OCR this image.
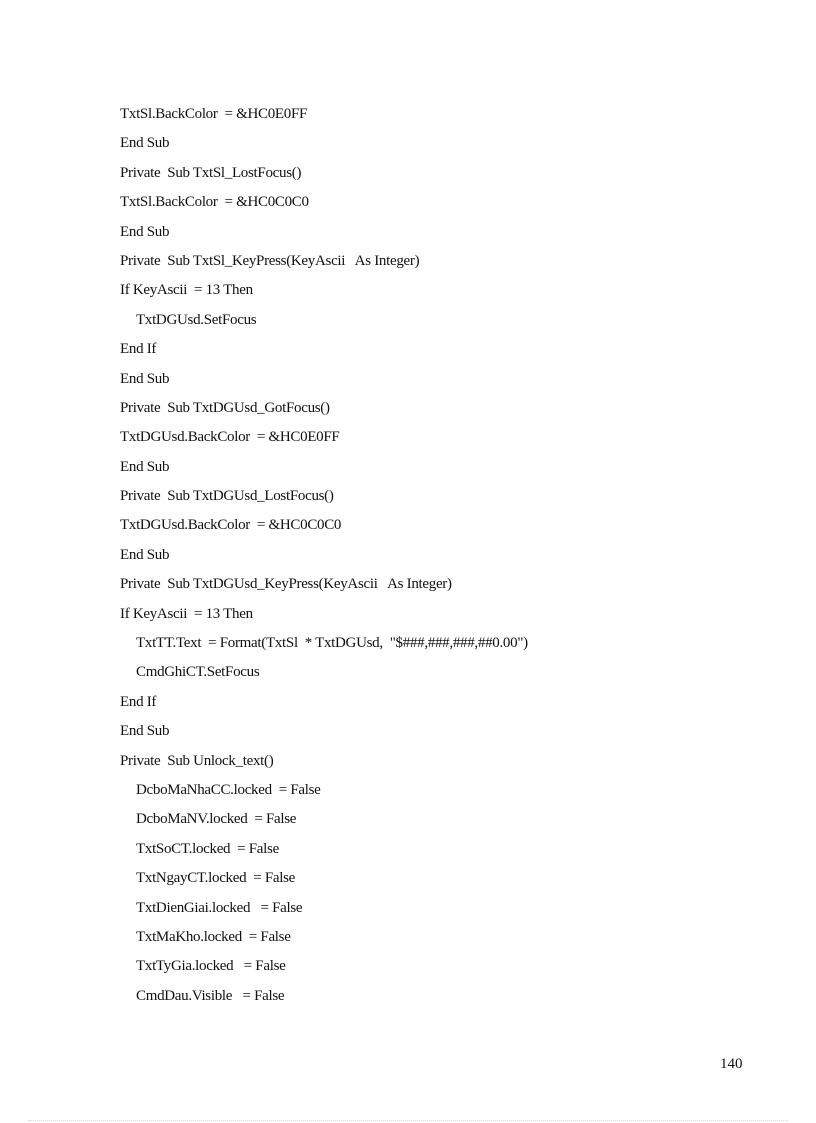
TxtSl.BackColor  = &HC0E0FF
End Sub
Private  Sub TxtSl_LostFocus()
TxtSl.BackColor  = &HC0C0C0
End Sub
Private  Sub TxtSl_KeyPress(KeyAscii   As Integer)
If KeyAscii  = 13 Then
TxtDGUsd.SetFocus
End If
End Sub
Private  Sub TxtDGUsd_GotFocus()
TxtDGUsd.BackColor  = &HC0E0FF
End Sub
Private  Sub TxtDGUsd_LostFocus()
TxtDGUsd.BackColor  = &HC0C0C0
End Sub
Private  Sub TxtDGUsd_KeyPress(KeyAscii   As Integer)
If KeyAscii  = 13 Then
TxtTT.Text  = Format(TxtSl  * TxtDGUsd,  "$###,###,###,##0.00")
CmdGhiCT.SetFocus
End If
End Sub
Private  Sub Unlock_text()
DcboMaNhaCC.locked  = False
DcboMaNV.locked  = False
TxtSoCT.locked  = False
TxtNgayCT.locked  = False
TxtDienGiai.locked   = False
TxtMaKho.locked  = False
TxtTyGia.locked   = False
CmdDau.Visible   = False
140
